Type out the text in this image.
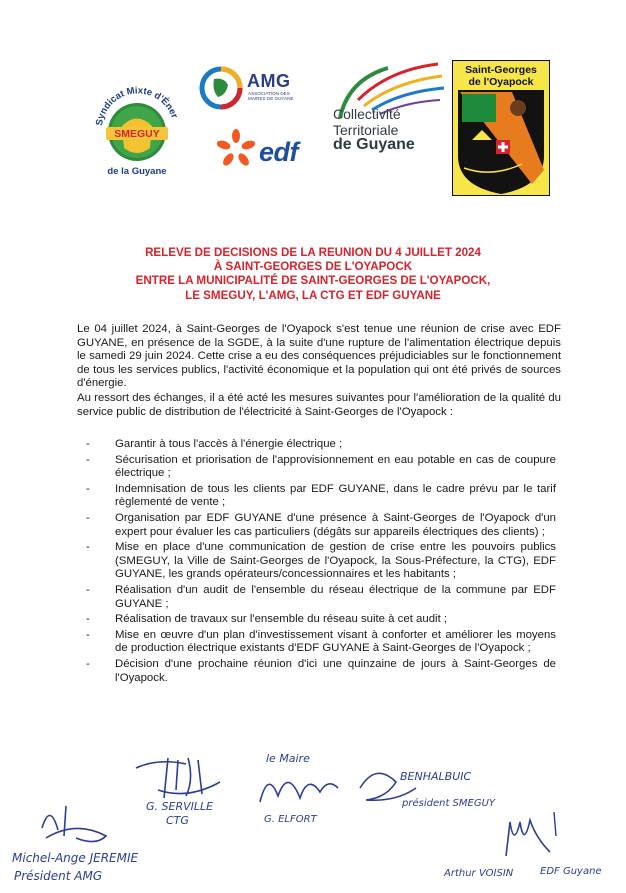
Syndicat Mixte d'Éner
SMEGUY
de la Guyane
AMG
ASSOCIATION DES MAIRES DE GUYANE
edf
Collectivité
Territoriale
de Guyane
Saint-Georges
de l'Oyapock
RELEVE DE DECISIONS DE LA REUNION DU 4 JUILLET 2024
À SAINT-GEORGES DE L'OYAPOCK
ENTRE LA MUNICIPALITÉ DE SAINT-GEORGES DE L'OYAPOCK,
LE SMEGUY, L'AMG, LA CTG ET EDF GUYANE
Le 04 juillet 2024, à Saint-Georges de l'Oyapock s'est tenue une réunion de crise avec EDF GUYANE, en présence de la SGDE, à la suite d'une rupture de l'alimentation électrique depuis le samedi 29 juin 2024. Cette crise a eu des conséquences préjudiciables sur le fonctionnement de tous les services publics, l'activité économique et la population qui ont été privés de sources d'énergie.
Au ressort des échanges, il a été acté les mesures suivantes pour l'amélioration de la qualité du service public de distribution de l'électricité à Saint-Georges de l'Oyapock :
- Garantir à tous l'accès à l'énergie électrique ;
- Sécurisation et priorisation de l'approvisionnement en eau potable en cas de coupure électrique ;
- Indemnisation de tous les clients par EDF GUYANE, dans le cadre prévu par le tarif règlementé de vente ;
- Organisation par EDF GUYANE d'une présence à Saint-Georges de l'Oyapock d'un expert pour évaluer les cas particuliers (dégâts sur appareils électriques des clients) ;
- Mise en place d'une communication de gestion de crise entre les pouvoirs publics (SMEGUY, la Ville de Saint-Georges de l'Oyapock, la Sous-Préfecture, la CTG), EDF GUYANE, les grands opérateurs/concessionnaires et les habitants ;
- Réalisation d'un audit de l'ensemble du réseau électrique de la commune par EDF GUYANE ;
- Réalisation de travaux sur l'ensemble du réseau suite à cet audit ;
- Mise en œuvre d'un plan d'investissement visant à conforter et améliorer les moyens de production électrique existants d'EDF GUYANE à Saint-Georges de l'Oyapock ;
- Décision d'une prochaine réunion d'ici une quinzaine de jours à Saint-Georges de l'Oyapock.
G. SERVILLE
CTG
le Maire
G. ELFORT
BENHALBUIC
président SMEGUY
Michel-Ange JEREMIE
Président AMG	Arthur VOISIN	EDF Guyane
